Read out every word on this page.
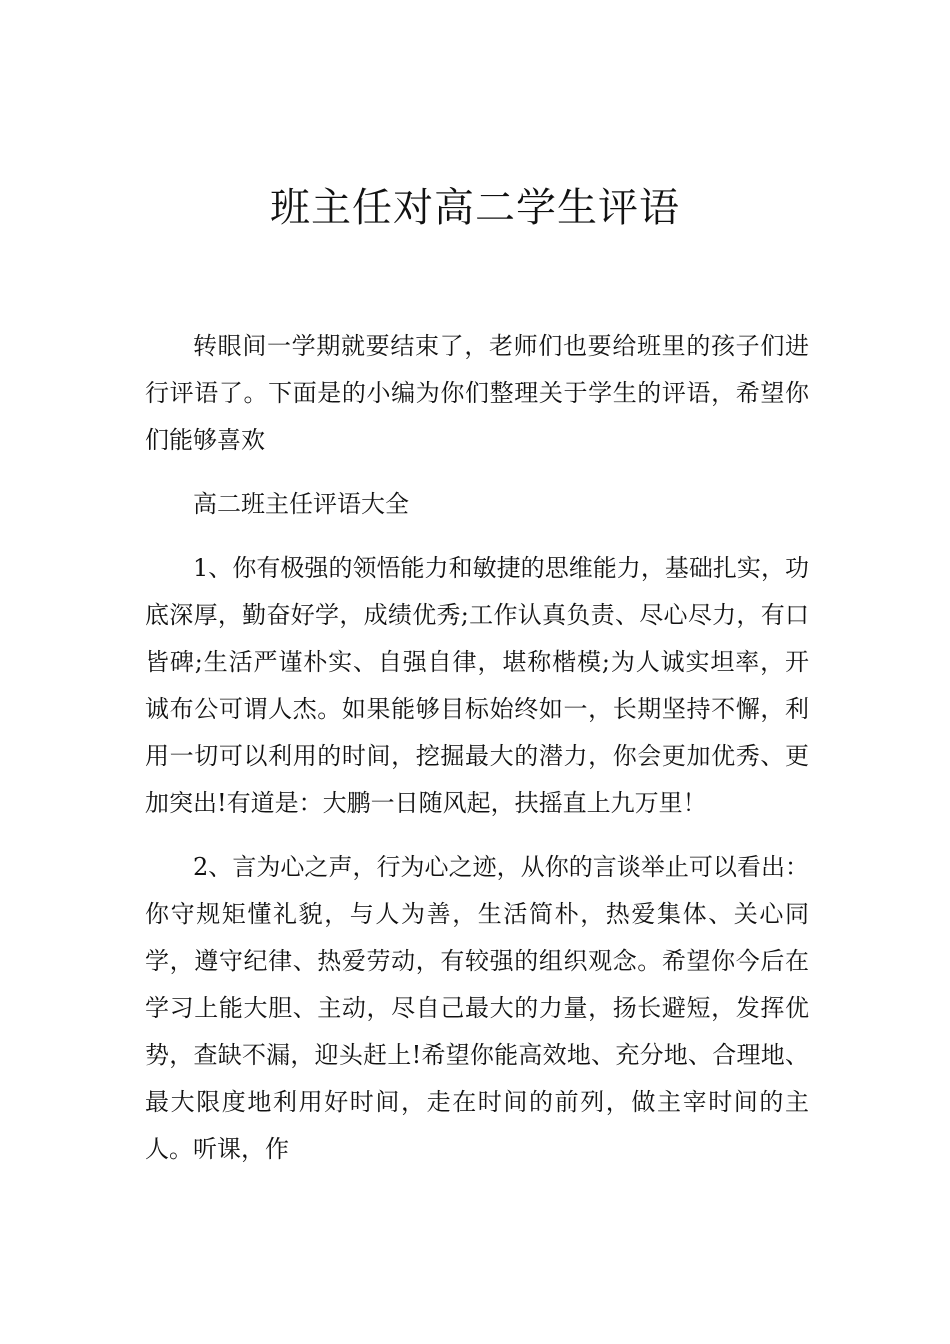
班主任对高二学生评语

转眼间一学期就要结束了，老师们也要给班里的孩子们进行评语了。下面是的小编为你们整理关于学生的评语，希望你们能够喜欢

高二班主任评语大全

1、你有极强的领悟能力和敏捷的思维能力，基础扎实，功底深厚，勤奋好学，成绩优秀;工作认真负责、尽心尽力，有口皆碑;生活严谨朴实、自强自律，堪称楷模;为人诚实坦率，开诚布公可谓人杰。如果能够目标始终如一，长期坚持不懈，利用一切可以利用的时间，挖掘最大的潜力，你会更加优秀、更加突出!有道是：大鹏一日随风起，扶摇直上九万里！

2、言为心之声，行为心之迹，从你的言谈举止可以看出：你守规矩懂礼貌，与人为善，生活简朴，热爱集体、关心同学，遵守纪律、热爱劳动，有较强的组织观念。希望你今后在学习上能大胆、主动，尽自己最大的力量，扬长避短，发挥优势，查缺不漏，迎头赶上!希望你能高效地、充分地、合理地、最大限度地利用好时间，走在时间的前列，做主宰时间的主人。听课，作
